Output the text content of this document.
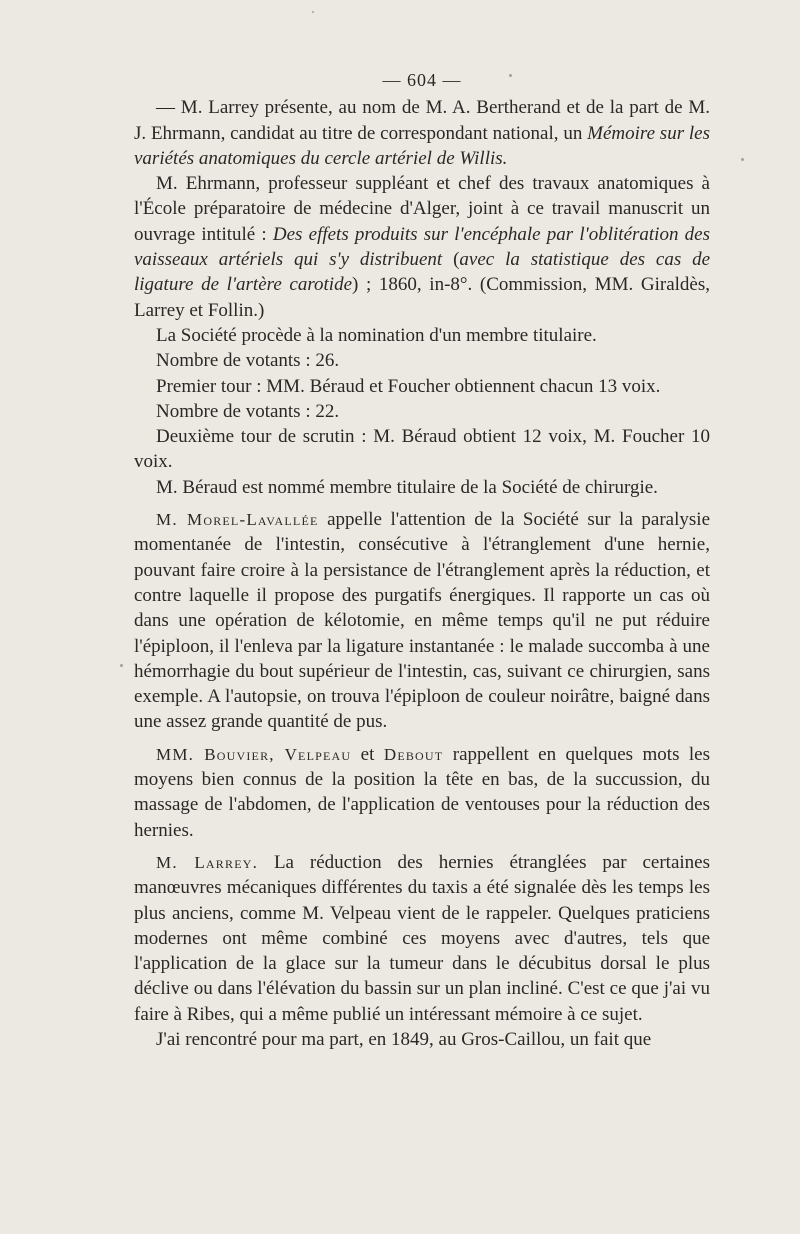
— 604 —

— M. Larrey présente, au nom de M. A. Bertherand et de la part de M. J. Ehrmann, candidat au titre de correspondant national, un Mémoire sur les variétés anatomiques du cercle artériel de Willis.

M. Ehrmann, professeur suppléant et chef des travaux anatomiques à l'École préparatoire de médecine d'Alger, joint à ce travail manuscrit un ouvrage intitulé : Des effets produits sur l'encéphale par l'oblitération des vaisseaux artériels qui s'y distribuent (avec la statistique des cas de ligature de l'artère carotide) ; 1860, in-8°. (Commission, MM. Giraldès, Larrey et Follin.)

La Société procède à la nomination d'un membre titulaire.

Nombre de votants : 26.

Premier tour : MM. Béraud et Foucher obtiennent chacun 13 voix.

Nombre de votants : 22.

Deuxième tour de scrutin : M. Béraud obtient 12 voix, M. Foucher 10 voix.

M. Béraud est nommé membre titulaire de la Société de chirurgie.

M. Morel-Lavallée appelle l'attention de la Société sur la paralysie momentanée de l'intestin, consécutive à l'étranglement d'une hernie, pouvant faire croire à la persistance de l'étranglement après la réduction, et contre laquelle il propose des purgatifs énergiques. Il rapporte un cas où dans une opération de kélotomie, en même temps qu'il ne put réduire l'épiploon, il l'enleva par la ligature instantanée : le malade succomba à une hémorrhagie du bout supérieur de l'intestin, cas, suivant ce chirurgien, sans exemple. A l'autopsie, on trouva l'épiploon de couleur noirâtre, baigné dans une assez grande quantité de pus.

MM. Bouvier, Velpeau et Debout rappellent en quelques mots les moyens bien connus de la position la tête en bas, de la succussion, du massage de l'abdomen, de l'application de ventouses pour la réduction des hernies.

M. Larrey. La réduction des hernies étranglées par certaines manœuvres mécaniques différentes du taxis a été signalée dès les temps les plus anciens, comme M. Velpeau vient de le rappeler. Quelques praticiens modernes ont même combiné ces moyens avec d'autres, tels que l'application de la glace sur la tumeur dans le décubitus dorsal le plus déclive ou dans l'élévation du bassin sur un plan incliné. C'est ce que j'ai vu faire à Ribes, qui a même publié un intéressant mémoire à ce sujet.

J'ai rencontré pour ma part, en 1849, au Gros-Caillou, un fait que
